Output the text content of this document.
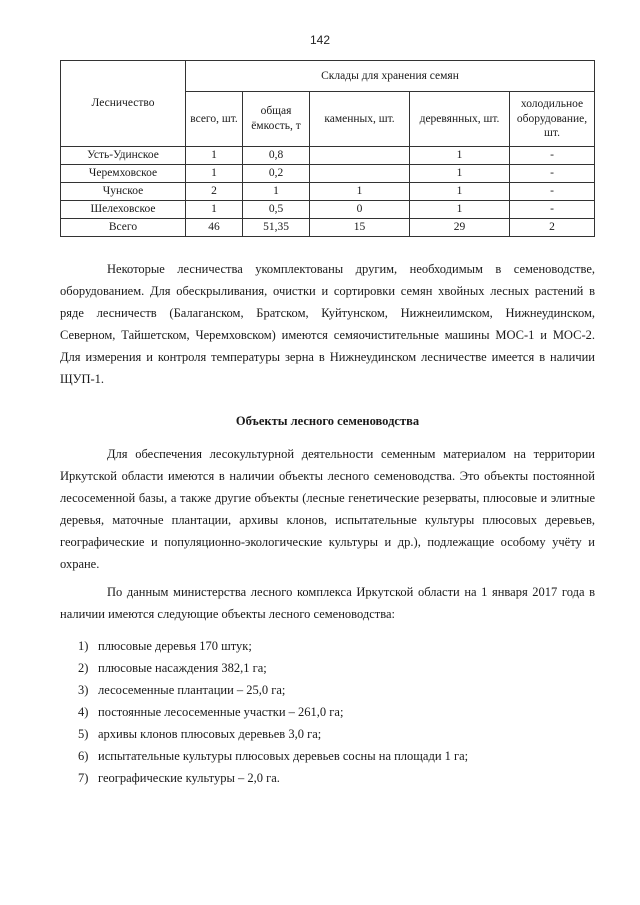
142
Лесничество	Склады для хранения семян				
	всего, шт.	общая ёмкость, т	каменных, шт.	деревянных, шт.	холодильное оборудование, шт.
Усть-Удинское	1	0,8		1	-
Черемховское	1	0,2		1	-
Чунское	2	1	1	1	-
Шелеховское	1	0,5	0	1	-
Всего	46	51,35	15	29	2

Некоторые лесничества укомплектованы другим, необходимым в семеноводстве, оборудованием. Для обескрыливания, очистки и сортировки семян хвойных лесных растений в ряде лесничеств (Балаганском, Братском, Куйтунском, Нижнеилимском, Нижнеудинском, Северном, Тайшетском, Черемховском) имеются семяочистительные машины МОС-1 и МОС-2. Для измерения и контроля температуры зерна в Нижнеудинском лесничестве имеется в наличии ЩУП-1.

Объекты лесного семеноводства

Для обеспечения лесокультурной деятельности семенным материалом на территории Иркутской области имеются в наличии объекты лесного семеноводства. Это объекты постоянной лесосеменной базы, а также другие объекты (лесные генетические резерваты, плюсовые и элитные деревья, маточные плантации, архивы клонов, испытательные культуры плюсовых деревьев, географические и популяционно-экологические культуры и др.), подлежащие особому учёту и охране.

По данным министерства лесного комплекса Иркутской области на 1 января 2017 года в наличии имеются следующие объекты лесного семеноводства:

1) плюсовые деревья 170 штук;
2) плюсовые насаждения 382,1 га;
3) лесосеменные плантации – 25,0 га;
4) постоянные лесосеменные участки – 261,0 га;
5) архивы клонов плюсовых деревьев 3,0 га;
6) испытательные культуры плюсовых деревьев сосны на площади 1 га;
7) географические культуры – 2,0 га.
